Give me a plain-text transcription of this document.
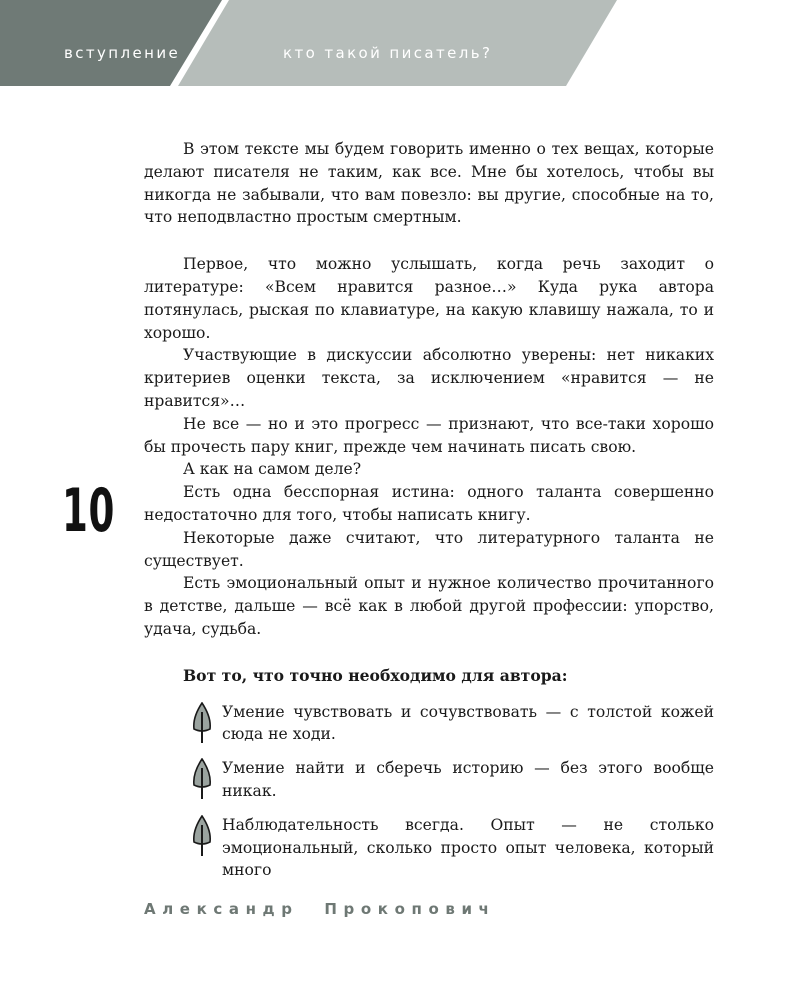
вступление	кто такой писатель?
10

В этом тексте мы будем говорить именно о тех вещах, которые делают писателя не таким, как все. Мне бы хотелось, чтобы вы никогда не забывали, что вам повезло: вы другие, способные на то, что неподвластно простым смертным.

Первое, что можно услышать, когда речь заходит о литературе: «Всем нравится разное…» Куда рука автора потянулась, рыская по клавиатуре, на какую клавишу нажала, то и хорошо.

Участвующие в дискуссии абсолютно уверены: нет никаких критериев оценки текста, за исключением «нравится — не нравится»…

Не все — но и это прогресс — признают, что все-таки хорошо бы прочесть пару книг, прежде чем начинать писать свою.

А как на самом деле?

Есть одна бесспорная истина: одного таланта совершенно недостаточно для того, чтобы написать книгу.

Некоторые даже считают, что литературного таланта не существует.

Есть эмоциональный опыт и нужное количество прочитанного в детстве, дальше — всё как в любой другой профессии: упорство, удача, судьба.

Вот то, что точно необходимо для автора:

Умение чувствовать и сочувствовать — с толстой кожей сюда не ходи.
Умение найти и сберечь историю — без этого вообще никак.
Наблюдательность всегда. Опыт — не столько эмоциональный, сколько просто опыт человека, который много
Александр Прокопович
